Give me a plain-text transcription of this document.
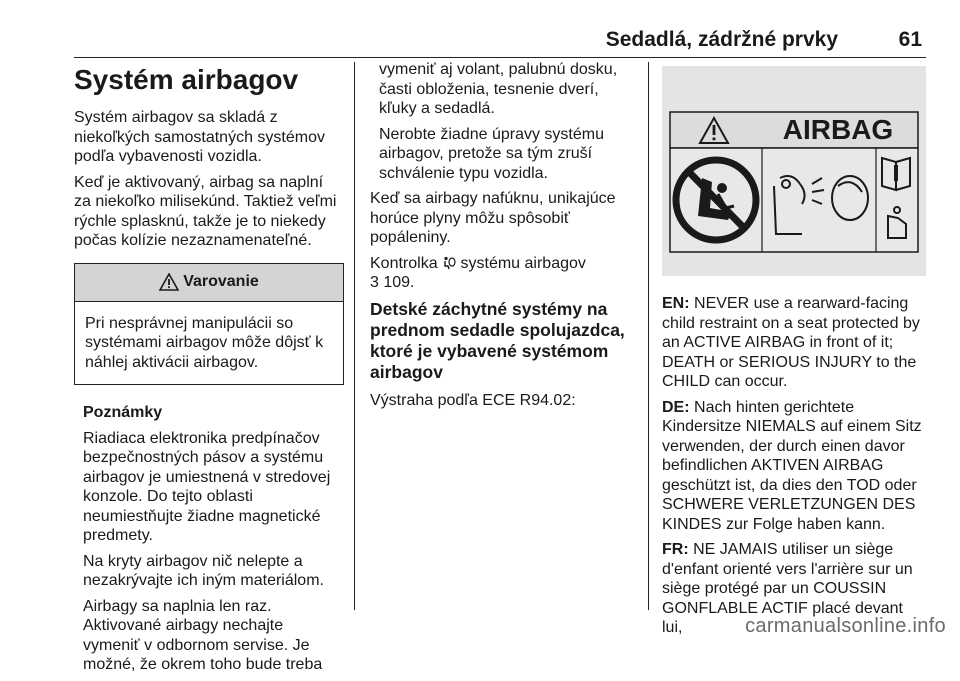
Sedadlá, zádržné prvky	61
Systém airbagov

Systém airbagov sa skladá z niekoľkých samostatných systémov podľa vybavenosti vozidla.

Keď je aktivovaný, airbag sa naplní za niekoľko milisekúnd. Taktiež veľmi rýchle splasknú, takže je to niekedy počas kolízie nezaznamenateľné.

Varovanie
Pri nesprávnej manipulácii so systémami airbagov môže dôjsť k náhlej aktivácii airbagov.

Poznámky

Riadiaca elektronika predpínačov bezpečnostných pásov a systému airbagov je umiestnená v stredovej konzole. Do tejto oblasti neumiestňujte žiadne magnetické predmety.

Na kryty airbagov nič nelepte a nezakrývajte ich iným materiálom.

Airbagy sa naplnia len raz. Aktivované airbagy nechajte vymeniť v odbornom servise. Je možné, že okrem toho bude treba

vymeniť aj volant, palubnú dosku, časti obloženia, tesnenie dverí, kľuky a sedadlá.

Nerobte žiadne úpravy systému airbagov, pretože sa tým zruší schválenie typu vozidla.

Keď sa airbagy nafúknu, unikajúce horúce plyny môžu spôsobiť popáleniny.

Kontrolka systému airbagov
3 109.

Detské záchytné systémy na prednom sedadle spolujazdca, ktoré je vybavené systémom airbagov

Výstraha podľa ECE R94.02:

AIRBAG

EN: NEVER use a rearward-facing child restraint on a seat protected by an ACTIVE AIRBAG in front of it; DEATH or SERIOUS INJURY to the CHILD can occur.

DE: Nach hinten gerichtete Kindersitze NIEMALS auf einem Sitz verwenden, der durch einen davor befindlichen AKTIVEN AIRBAG geschützt ist, da dies den TOD oder SCHWERE VERLETZUNGEN DES KINDES zur Folge haben kann.

FR: NE JAMAIS utiliser un siège d'enfant orienté vers l'arrière sur un siège protégé par un COUSSIN GONFLABLE ACTIF placé devant lui,	carmanualsonline.info
